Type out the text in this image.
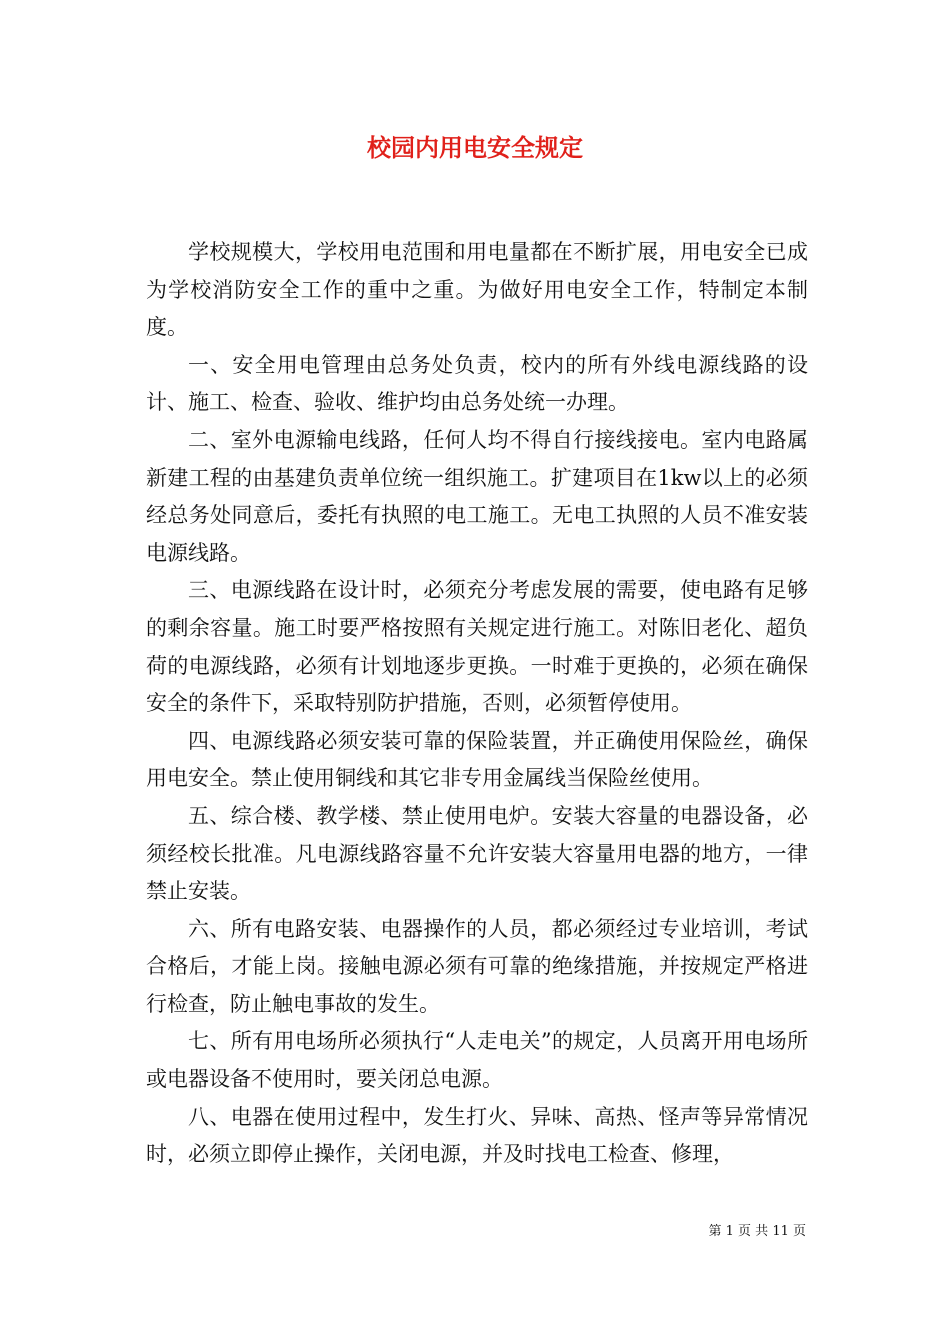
校园内用电安全规定

学校规模大，学校用电范围和用电量都在不断扩展，用电安全已成为学校消防安全工作的重中之重。为做好用电安全工作，特制定本制度。

一、安全用电管理由总务处负责，校内的所有外线电源线路的设计、施工、检查、验收、维护均由总务处统一办理。

二、室外电源输电线路，任何人均不得自行接线接电。室内电路属新建工程的由基建负责单位统一组织施工。扩建项目在1kw以上的必须经总务处同意后，委托有执照的电工施工。无电工执照的人员不准安装电源线路。

三、电源线路在设计时，必须充分考虑发展的需要，使电路有足够的剩余容量。施工时要严格按照有关规定进行施工。对陈旧老化、超负荷的电源线路，必须有计划地逐步更换。一时难于更换的，必须在确保安全的条件下，采取特别防护措施，否则，必须暂停使用。

四、电源线路必须安装可靠的保险装置，并正确使用保险丝，确保用电安全。禁止使用铜线和其它非专用金属线当保险丝使用。

五、综合楼、教学楼、禁止使用电炉。安装大容量的电器设备，必须经校长批准。凡电源线路容量不允许安装大容量用电器的地方，一律禁止安装。

六、所有电路安装、电器操作的人员，都必须经过专业培训，考试合格后，才能上岗。接触电源必须有可靠的绝缘措施，并按规定严格进行检查，防止触电事故的发生。

七、所有用电场所必须执行“人走电关”的规定，人员离开用电场所或电器设备不使用时，要关闭总电源。

八、电器在使用过程中，发生打火、异味、高热、怪声等异常情况时，必须立即停止操作，关闭电源，并及时找电工检查、修理，

第 1 页 共 11 页
